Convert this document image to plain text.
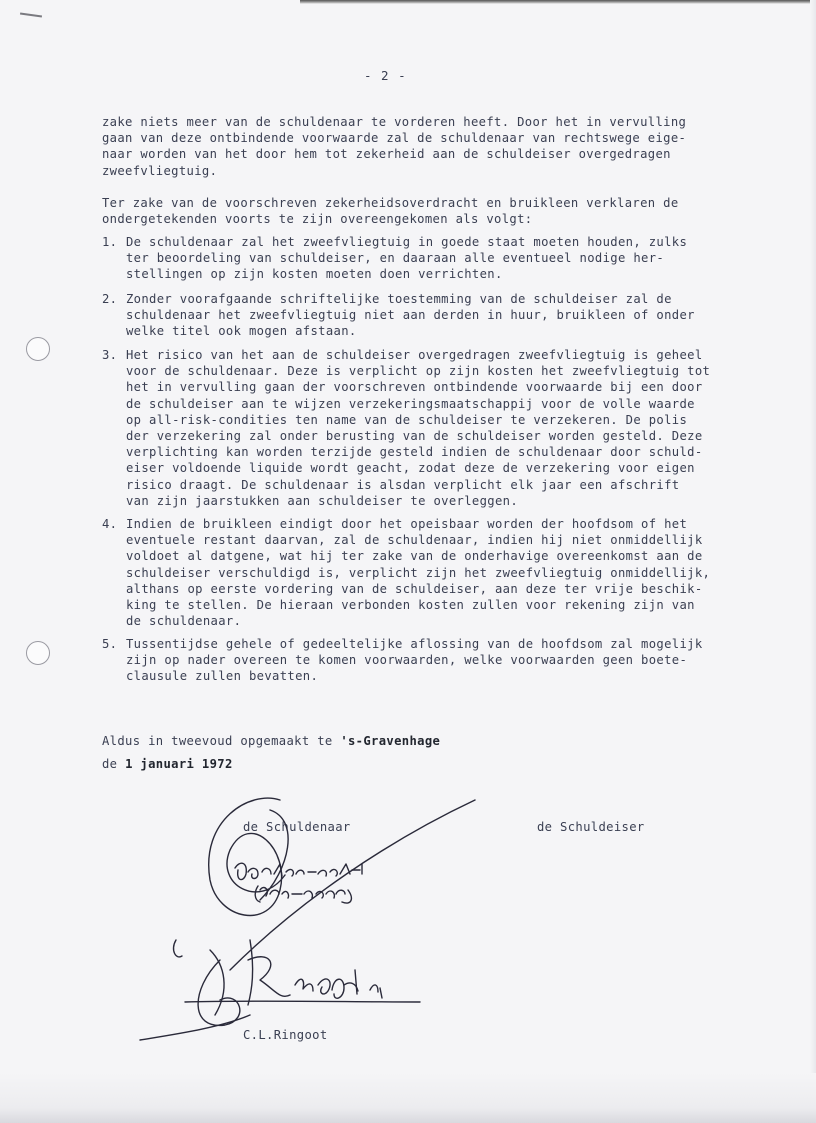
- 2 -

zake niets meer van de schuldenaar te vorderen heeft. Door het in vervulling
gaan van deze ontbindende voorwaarde zal de schuldenaar van rechtswege eige-
naar worden van het door hem tot zekerheid aan de schuldeiser overgedragen
zweefvliegtuig.

Ter zake van de voorschreven zekerheidsoverdracht en bruikleen verklaren de
ondergetekenden voorts te zijn overeengekomen als volgt:

1. De schuldenaar zal het zweefvliegtuig in goede staat moeten houden, zulks
ter beoordeling van schuldeiser, en daaraan alle eventueel nodige her-
stellingen op zijn kosten moeten doen verrichten.
2. Zonder voorafgaande schriftelijke toestemming van de schuldeiser zal de
schuldenaar het zweefvliegtuig niet aan derden in huur, bruikleen of onder
welke titel ook mogen afstaan.
3. Het risico van het aan de schuldeiser overgedragen zweefvliegtuig is geheel
voor de schuldenaar. Deze is verplicht op zijn kosten het zweefvliegtuig tot
het in vervulling gaan der voorschreven ontbindende voorwaarde bij een door
de schuldeiser aan te wijzen verzekeringsmaatschappij voor de volle waarde
op all-risk-condities ten name van de schuldeiser te verzekeren. De polis
der verzekering zal onder berusting van de schuldeiser worden gesteld. Deze
verplichting kan worden terzijde gesteld indien de schuldenaar door schuld-
eiser voldoende liquide wordt geacht, zodat deze de verzekering voor eigen
risico draagt. De schuldenaar is alsdan verplicht elk jaar een afschrift
van zijn jaarstukken aan schuldeiser te overleggen.
4. Indien de bruikleen eindigt door het opeisbaar worden der hoofdsom of het
eventuele restant daarvan, zal de schuldenaar, indien hij niet onmiddellijk
voldoet al datgene, wat hij ter zake van de onderhavige overeenkomst aan de
schuldeiser verschuldigd is, verplicht zijn het zweefvliegtuig onmiddellijk,
althans op eerste vordering van de schuldeiser, aan deze ter vrije beschik-
king te stellen. De hieraan verbonden kosten zullen voor rekening zijn van
de schuldenaar.
5. Tussentijdse gehele of gedeeltelijke aflossing van de hoofdsom zal mogelijk
zijn op nader overeen te komen voorwaarden, welke voorwaarden geen boete-
clausule zullen bevatten.
Aldus in tweevoud opgemaakt te 's-Gravenhage
de 1 januari 1972
de Schuldenaar	de Schuldeiser
C.L.Ringoot
